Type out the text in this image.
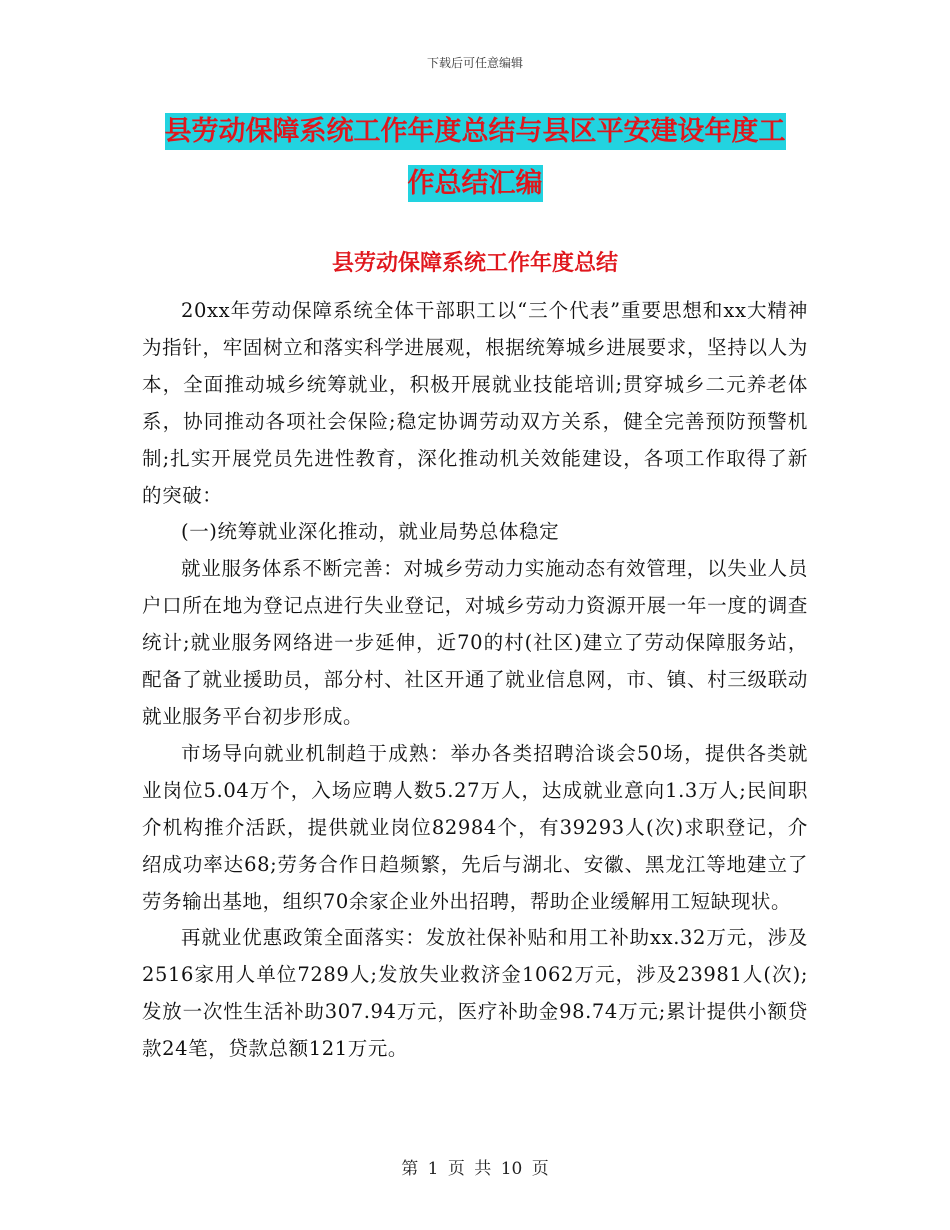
下载后可任意编辑
县劳动保障系统工作年度总结与县区平安建设年度工
作总结汇编
县劳动保障系统工作年度总结

20xx年劳动保障系统全体干部职工以“三个代表”重要思想和xx大精神为指针，牢固树立和落实科学进展观，根据统筹城乡进展要求，坚持以人为本，全面推动城乡统筹就业，积极开展就业技能培训;贯穿城乡二元养老体系，协同推动各项社会保险;稳定协调劳动双方关系，健全完善预防预警机制;扎实开展党员先进性教育，深化推动机关效能建设，各项工作取得了新的突破：

(一)统筹就业深化推动，就业局势总体稳定

就业服务体系不断完善：对城乡劳动力实施动态有效管理，以失业人员户口所在地为登记点进行失业登记，对城乡劳动力资源开展一年一度的调查统计;就业服务网络进一步延伸，近70的村(社区)建立了劳动保障服务站，配备了就业援助员，部分村、社区开通了就业信息网，市、镇、村三级联动就业服务平台初步形成。

市场导向就业机制趋于成熟：举办各类招聘洽谈会50场，提供各类就业岗位5.04万个，入场应聘人数5.27万人，达成就业意向1.3万人;民间职介机构推介活跃，提供就业岗位82984个，有39293人(次)求职登记，介绍成功率达68;劳务合作日趋频繁，先后与湖北、安徽、黑龙江等地建立了劳务输出基地，组织70余家企业外出招聘，帮助企业缓解用工短缺现状。

再就业优惠政策全面落实：发放社保补贴和用工补助xx.32万元，涉及2516家用人单位7289人;发放失业救济金1062万元，涉及23981人(次);发放一次性生活补助307.94万元，医疗补助金98.74万元;累计提供小额贷款24笔，贷款总额121万元。

第 1 页 共 10 页
